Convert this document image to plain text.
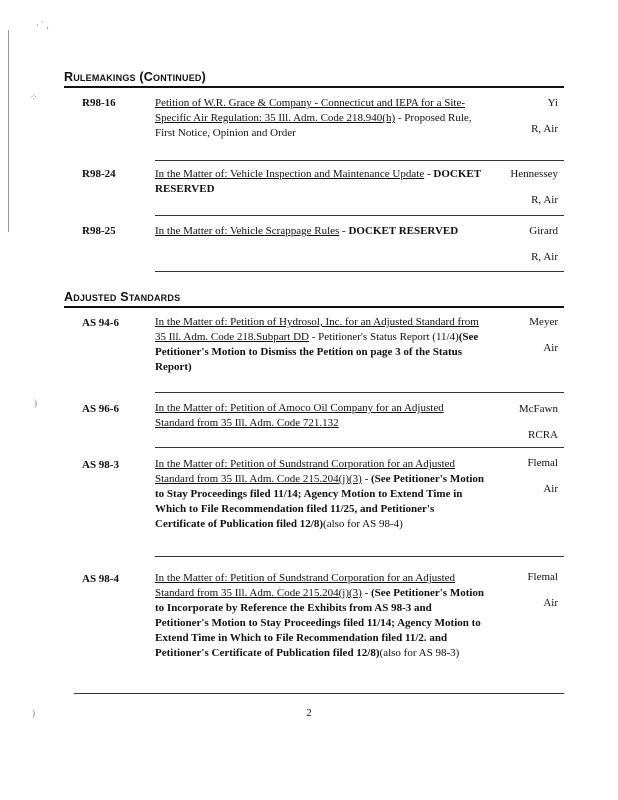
· ˙ ,
⁘
)
)
Rulemakings (Continued)
R98-16	Petition of W.R. Grace & Company - Connecticut and IEPA for a Site-Specific Air Regulation: 35 Ill. Adm. Code 218.940(h) - Proposed Rule, First Notice, Opinion and Order
Yi
R, Air
R98-24	In the Matter of: Vehicle Inspection and Maintenance Update - DOCKET RESERVED
Hennessey
R, Air
R98-25	In the Matter of: Vehicle Scrappage Rules - DOCKET RESERVED	Girard
R, Air
Adjusted Standards
AS 94-6	In the Matter of: Petition of Hydrosol, Inc. for an Adjusted Standard from 35 Ill. Adm. Code 218.Subpart DD - Petitioner's Status Report (11/4)(See Petitioner's Motion to Dismiss the Petition on page 3 of the Status Report)
Meyer
Air
AS 96-6	In the Matter of: Petition of Amoco Oil Company for an Adjusted Standard from 35 Ill. Adm. Code 721.132
McFawn
RCRA
AS 98-3	In the Matter of: Petition of Sundstrand Corporation for an Adjusted Standard from 35 Ill. Adm. Code 215.204(j)(3) - (See Petitioner's Motion to Stay Proceedings filed 11/14; Agency Motion to Extend Time in Which to File Recommendation filed 11/25, and Petitioner's Certificate of Publication filed 12/8)(also for AS 98-4)
Flemal
Air
AS 98-4	In the Matter of: Petition of Sundstrand Corporation for an Adjusted Standard from 35 Ill. Adm. Code 215.204(j)(3) - (See Petitioner's Motion to Incorporate by Reference the Exhibits from AS 98-3 and Petitioner's Motion to Stay Proceedings filed 11/14; Agency Motion to Extend Time in Which to File Recommendation filed 11/2. and Petitioner's Certificate of Publication filed 12/8)(also for AS 98-3)
Flemal
Air
2
